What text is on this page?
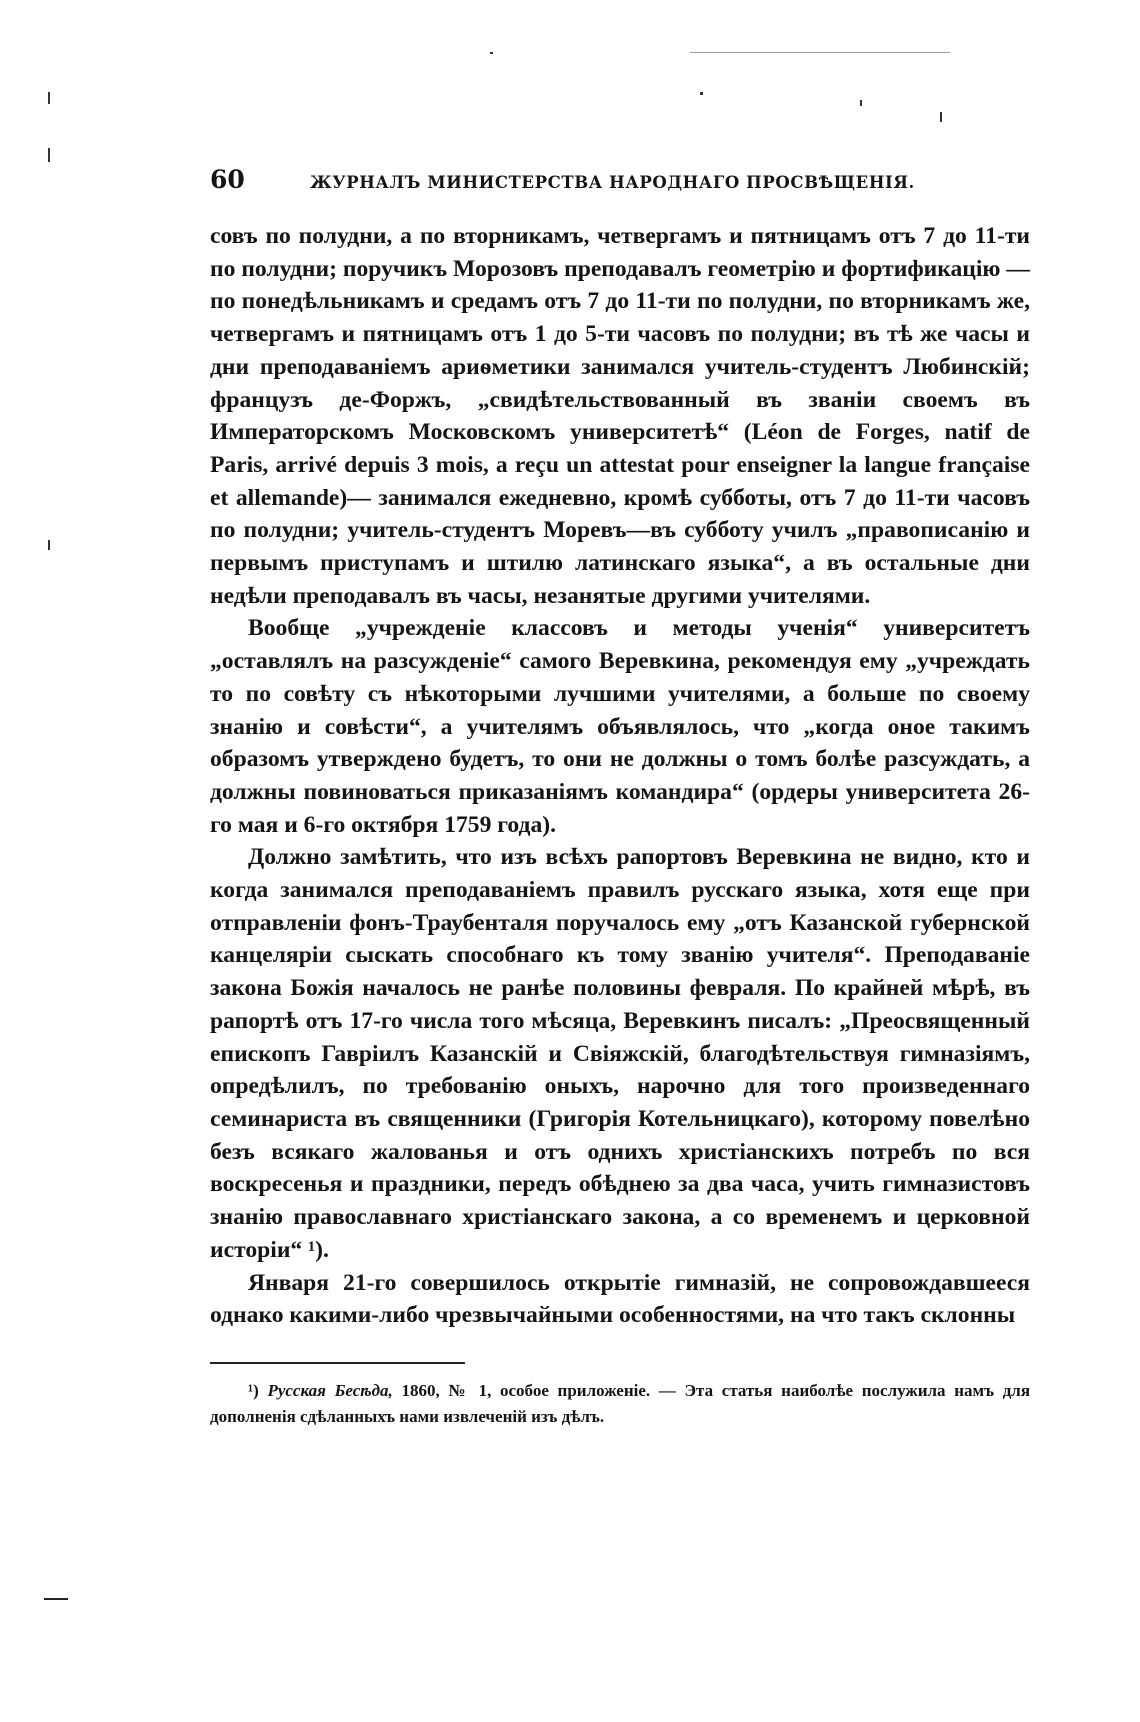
60	ЖУРНАЛЪ МИНИСТЕРСТВА НАРОДНАГО ПРОСВѢЩЕНІЯ.

совъ по полудни, а по вторникамъ, четвергамъ и пятницамъ отъ 7 до 11-ти по полудни; поручикъ Морозовъ преподавалъ геометрію и фортификацію — по понедѣльникамъ и средамъ отъ 7 до 11-ти по полудни, по вторникамъ же, четвергамъ и пятницамъ отъ 1 до 5-ти часовъ по полудни; въ тѣ же часы и дни преподаваніемъ ариѳметики занимался учитель-студентъ Любинскій; французъ де-Форжъ, „свидѣтельствованный въ званіи своемъ въ Императорскомъ Московскомъ университетѣ“ (Léon de Forges, natif de Paris, arrivé depuis 3 mois, a reçu un attestat pour enseigner la langue française et allemande)— занимался ежедневно, кромѣ субботы, отъ 7 до 11-ти часовъ по полудни; учитель-студентъ Моревъ—въ субботу училъ „правописанію и первымъ приступамъ и штилю латинскаго языка“, а въ остальные дни недѣли преподавалъ въ часы, незанятые другими учителями.

Вообще „учрежденіе классовъ и методы ученія“ университетъ „оставлялъ на разсужденіе“ самого Веревкина, рекомендуя ему „учреждать то по совѣту съ нѣкоторыми лучшими учителями, а больше по своему знанію и совѣсти“, а учителямъ объявлялось, что „когда оное такимъ образомъ утверждено будетъ, то они не должны о томъ болѣе разсуждать, а должны повиноваться приказаніямъ командира“ (ордеры университета 26-го мая и 6-го октября 1759 года).

Должно замѣтить, что изъ всѣхъ рапортовъ Веревкина не видно, кто и когда занимался преподаваніемъ правилъ русскаго языка, хотя еще при отправленіи фонъ-Траубенталя поручалось ему „отъ Казанской губернской канцеляріи сыскать способнаго къ тому званію учителя“. Преподаваніе закона Божія началось не ранѣе половины февраля. По крайней мѣрѣ, въ рапортѣ отъ 17-го числа того мѣсяца, Веревкинъ писалъ: „Преосвященный епископъ Гавріилъ Казанскій и Свіяжскій, благодѣтельствуя гимназіямъ, опредѣлилъ, по требованію оныхъ, нарочно для того произведеннаго семинариста въ священники (Григорія Котельницкаго), которому повелѣно безъ всякаго жалованья и отъ однихъ христіанскихъ потребъ по вся воскресенья и праздники, передъ обѣднею за два часа, учить гимназистовъ знанію православнаго христіанскаго закона, а со временемъ и церковной исторіи“ ¹).

Января 21-го совершилось открытіе гимназій, не сопровождавшееся однако какими-либо чрезвычайными особенностями, на что такъ склонны

¹) Русская Бесѣда, 1860, № 1, особое приложеніе. — Эта статья наиболѣе послужила намъ для дополненія сдѣланныхъ нами извлеченій изъ дѣлъ.
